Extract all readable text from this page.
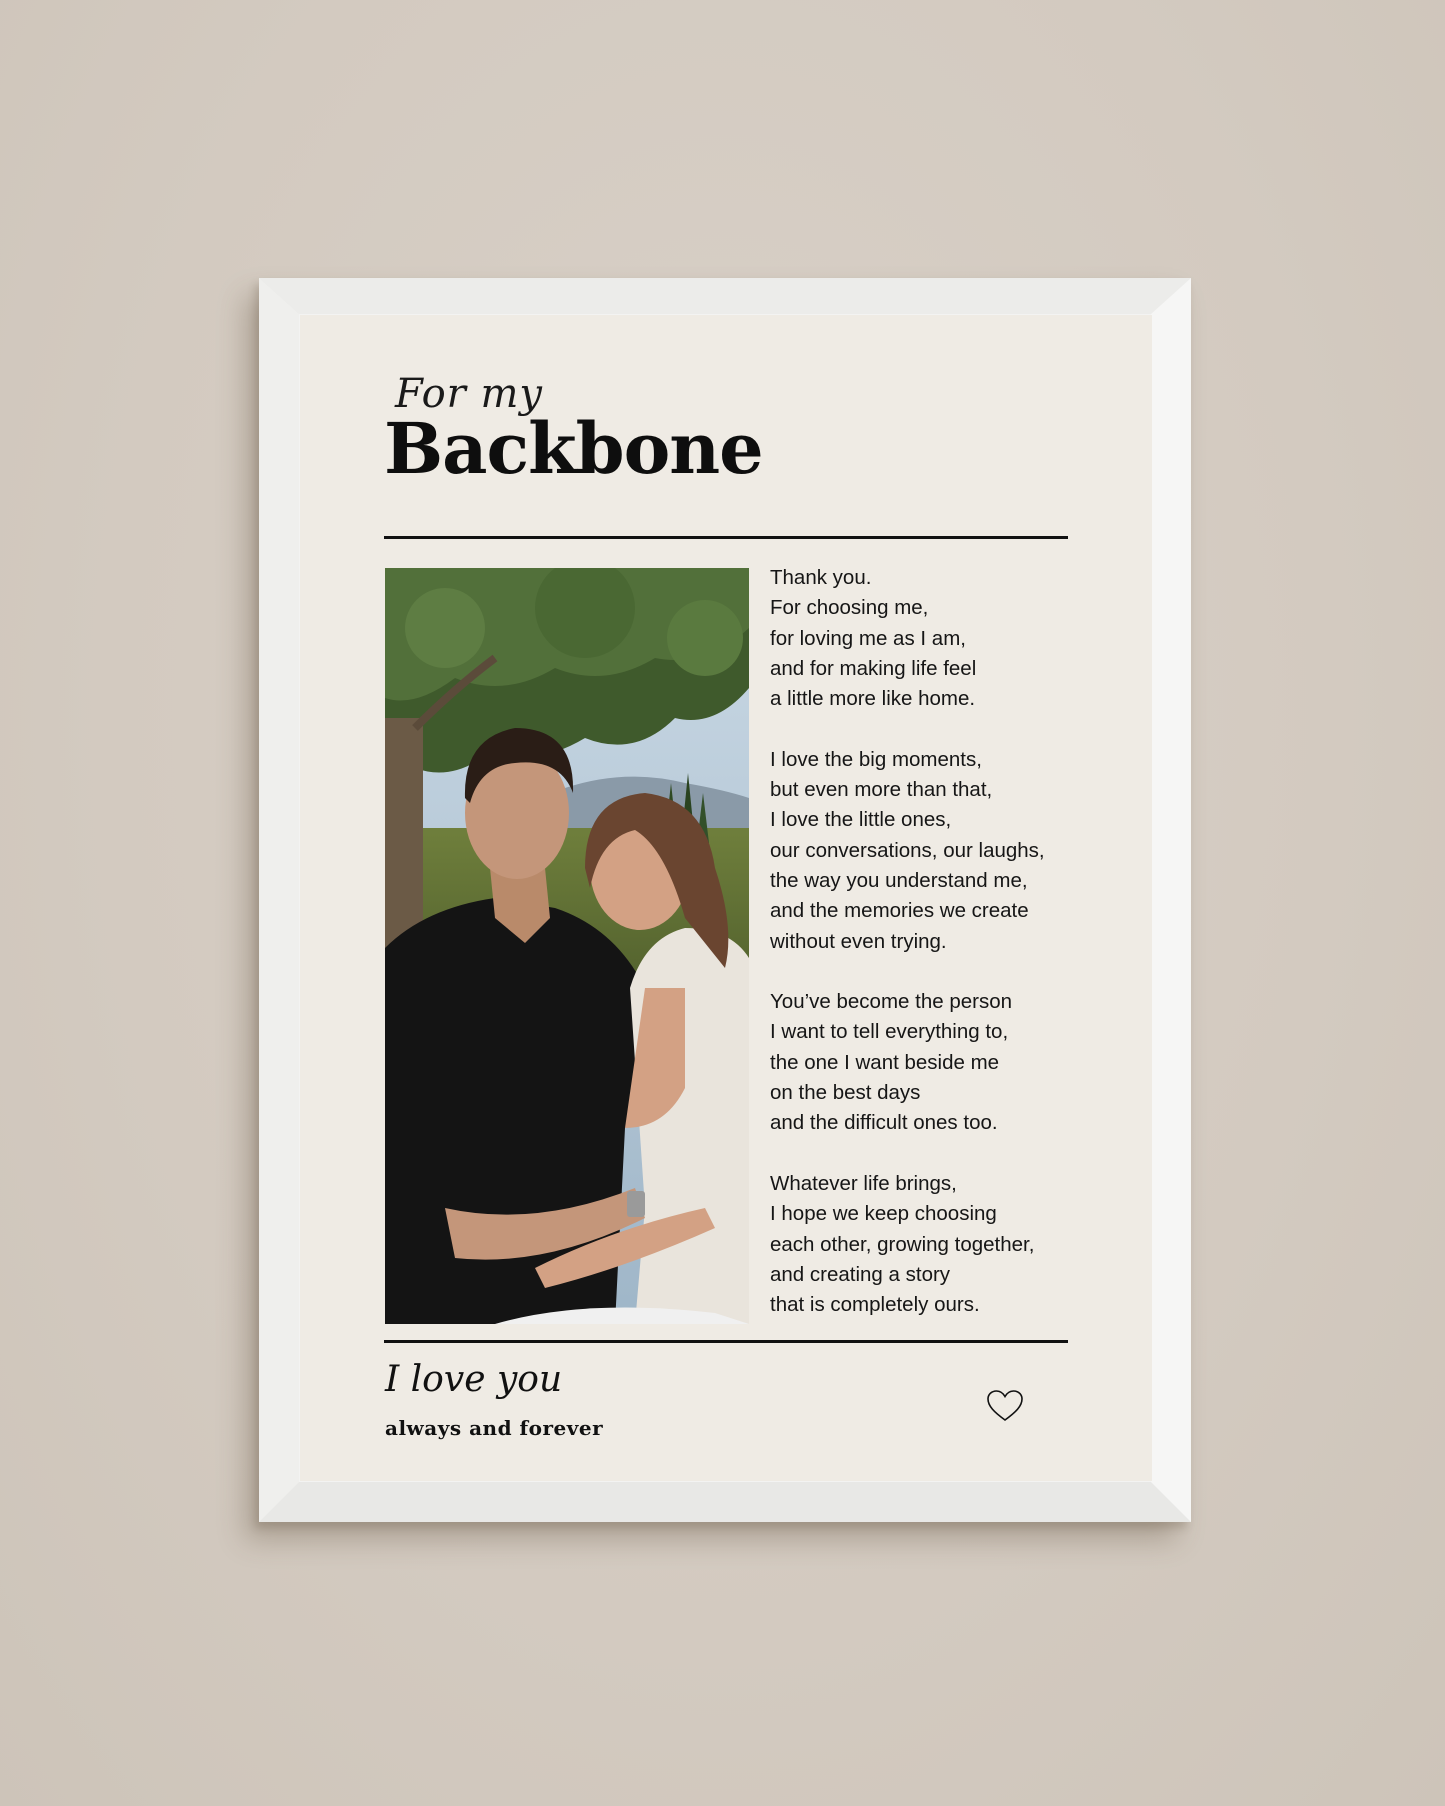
For my
Backbone
Thank you.
For choosing me,
for loving me as I am,
and for making life feel
a little more like home.
I love the big moments,
but even more than that,
I love the little ones,
our conversations, our laughs,
the way you understand me,
and the memories we create
without even trying.
You’ve become the person
I want to tell everything to,
the one I want beside me
on the best days
and the difficult ones too.
Whatever life brings,
I hope we keep choosing
each other, growing together,
and creating a story
that is completely ours.
I love you
always and forever
